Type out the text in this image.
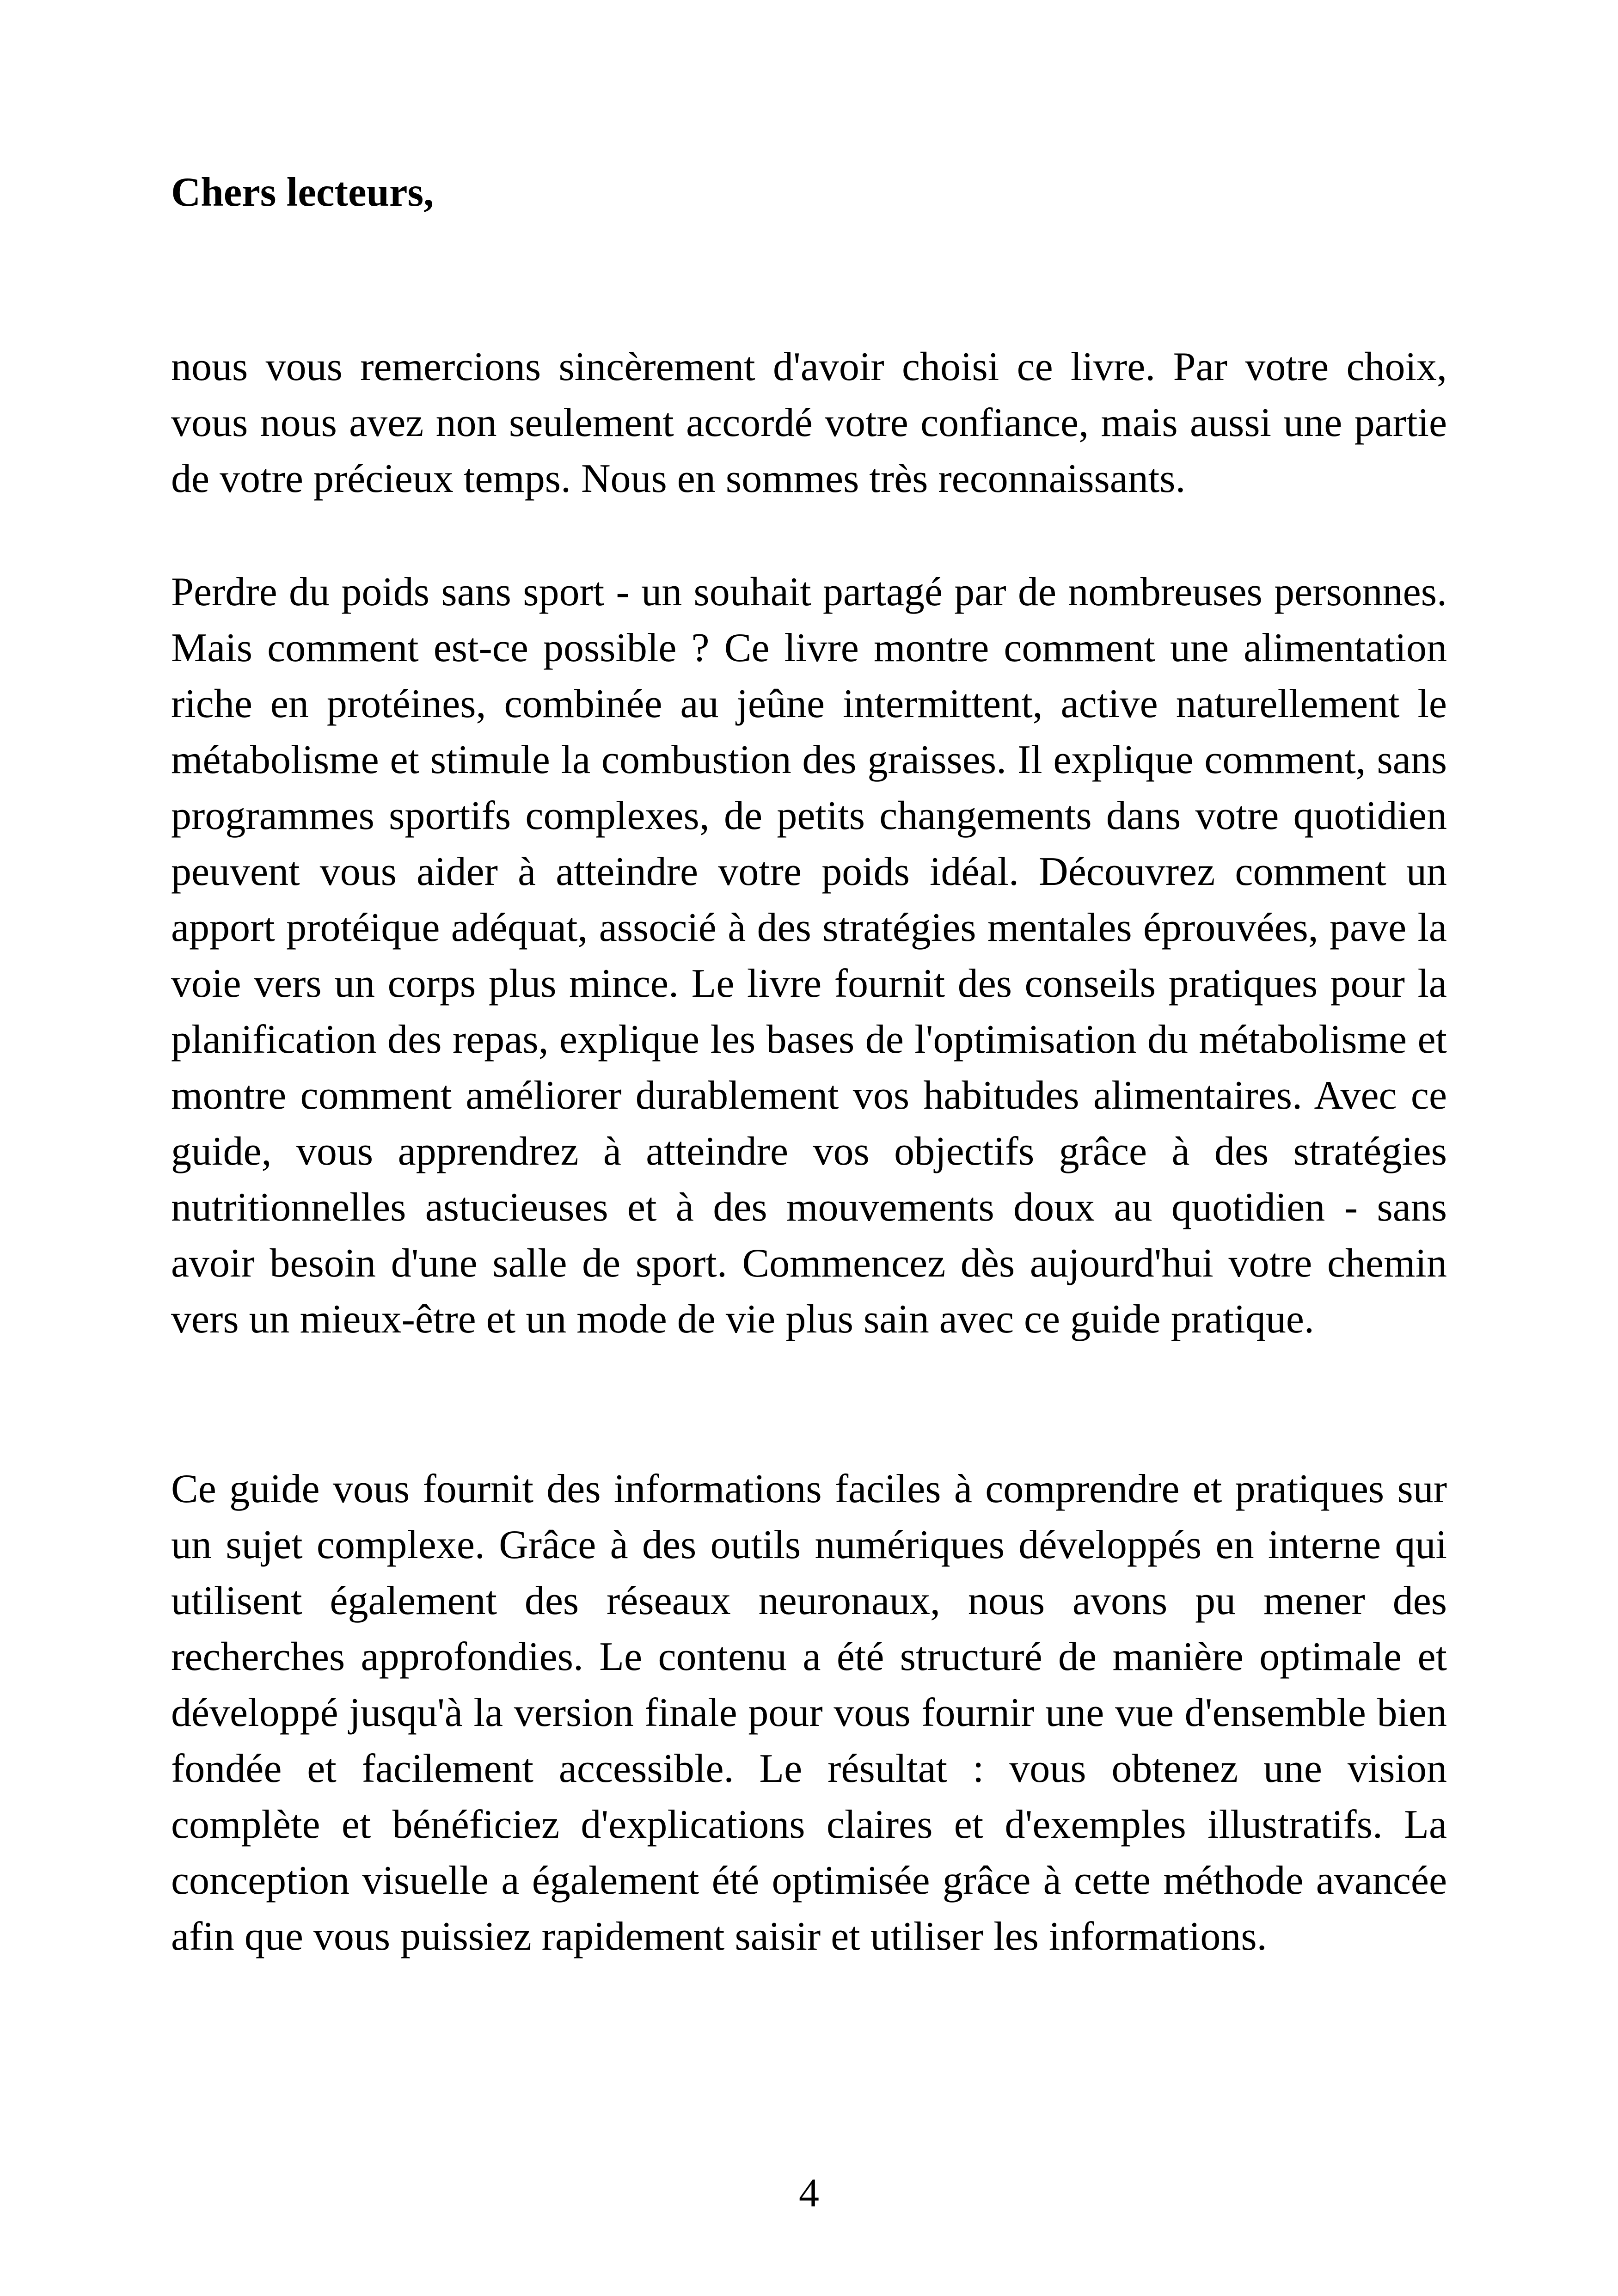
Chers lecteurs,

nous vous remercions sincèrement d'avoir choisi ce livre. Par votre choix, vous nous avez non seulement accordé votre confiance, mais aussi une partie de votre précieux temps. Nous en sommes très reconnaissants.

Perdre du poids sans sport - un souhait partagé par de nombreuses personnes. Mais comment est-ce possible ? Ce livre montre comment une alimentation riche en protéines, combinée au jeûne intermittent, active naturellement le métabolisme et stimule la combustion des graisses. Il explique comment, sans programmes sportifs complexes, de petits changements dans votre quotidien peuvent vous aider à atteindre votre poids idéal. Découvrez comment un apport protéique adéquat, associé à des stratégies mentales éprouvées, pave la voie vers un corps plus mince. Le livre fournit des conseils pratiques pour la planification des repas, explique les bases de l'optimisation du métabolisme et montre comment améliorer durablement vos habitudes alimentaires. Avec ce guide, vous apprendrez à atteindre vos objectifs grâce à des stratégies nutritionnelles astucieuses et à des mouvements doux au quotidien - sans avoir besoin d'une salle de sport. Commencez dès aujourd'hui votre chemin vers un mieux-être et un mode de vie plus sain avec ce guide pratique.

Ce guide vous fournit des informations faciles à comprendre et pratiques sur un sujet complexe. Grâce à des outils numériques développés en interne qui utilisent également des réseaux neuronaux, nous avons pu mener des recherches approfondies. Le contenu a été structuré de manière optimale et développé jusqu'à la version finale pour vous fournir une vue d'ensemble bien fondée et facilement accessible. Le résultat : vous obtenez une vision complète et bénéficiez d'explications claires et d'exemples illustratifs. La conception visuelle a également été optimisée grâce à cette méthode avancée afin que vous puissiez rapidement saisir et utiliser les informations.

4
